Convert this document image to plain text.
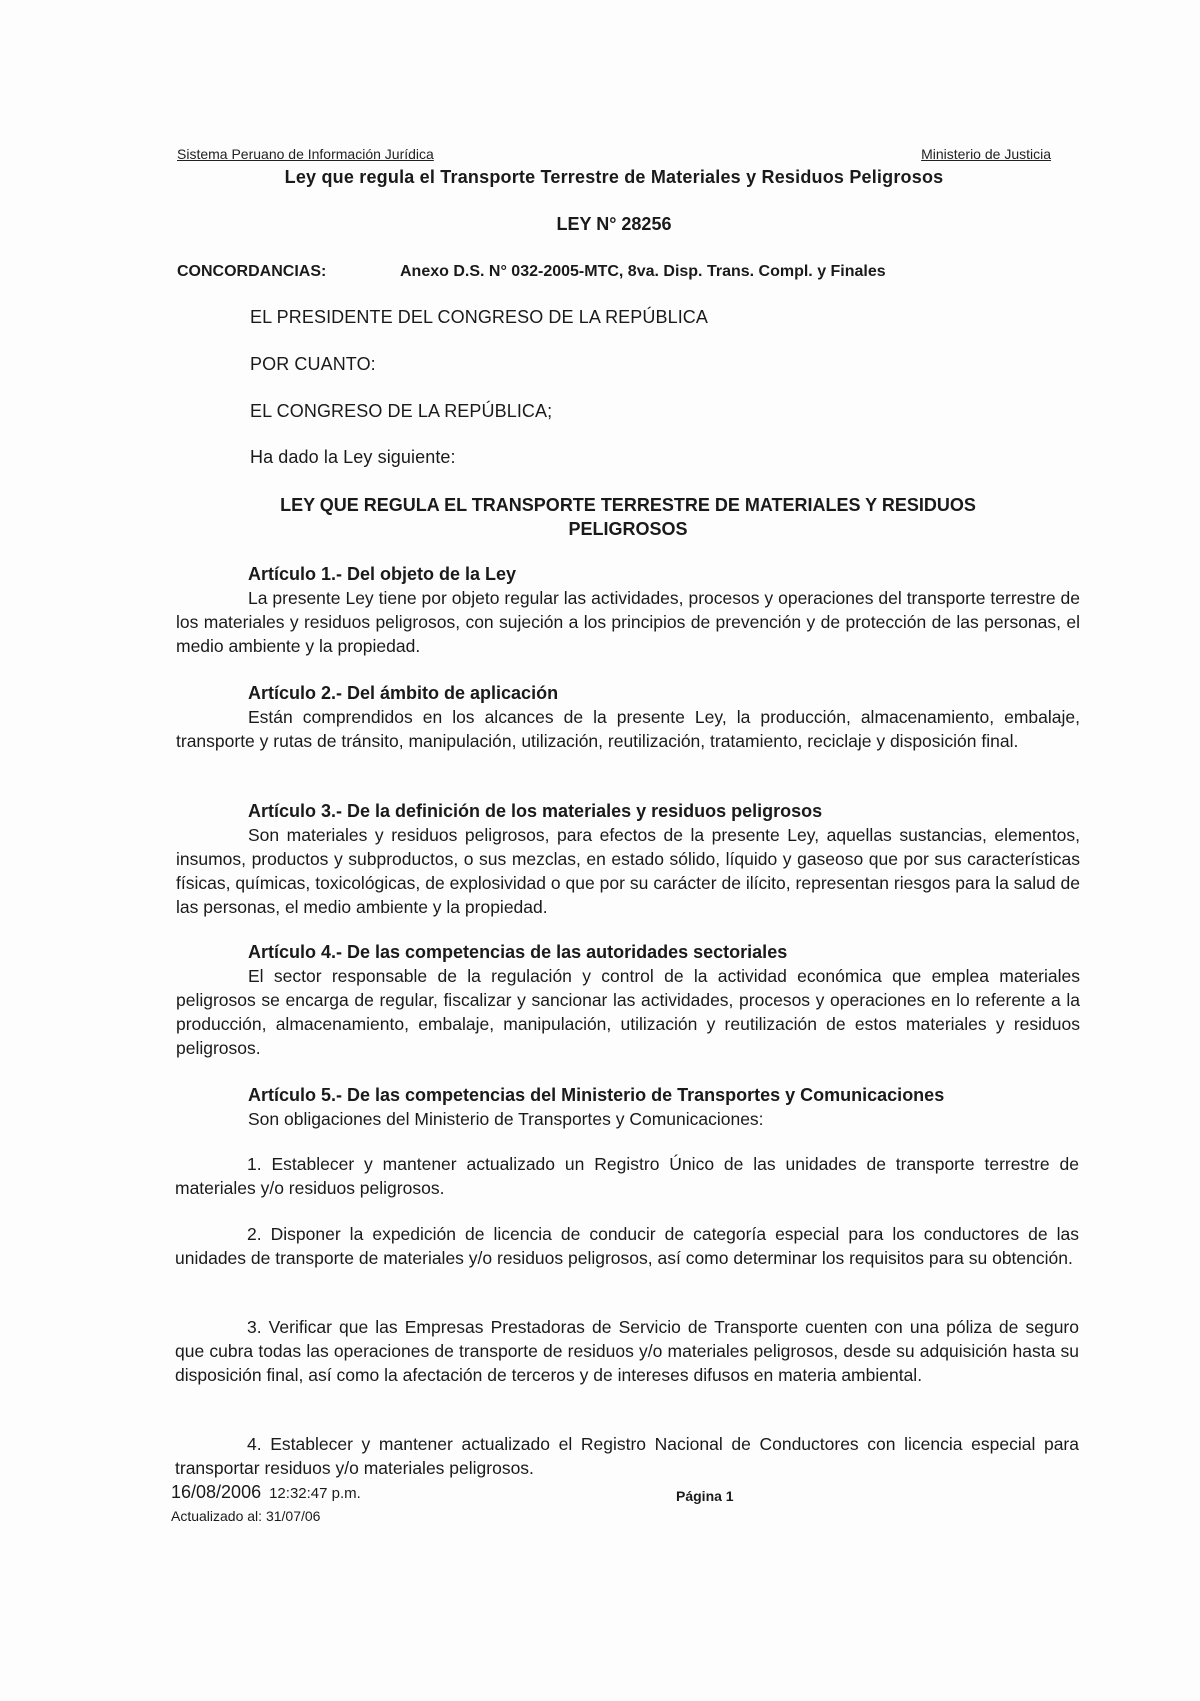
Sistema Peruano de Información Jurídica	Ministerio de Justicia
Ley que regula el Transporte Terrestre de Materiales y Residuos Peligrosos
LEY N° 28256
CONCORDANCIAS:	Anexo D.S. N° 032-2005-MTC, 8va. Disp. Trans. Compl. y Finales
EL PRESIDENTE DEL CONGRESO DE LA REPÚBLICA
POR CUANTO:
EL CONGRESO DE LA REPÚBLICA;
Ha dado la Ley siguiente:
LEY QUE REGULA EL TRANSPORTE TERRESTRE DE MATERIALES Y RESIDUOS PELIGROSOS
Artículo 1.- Del objeto de la Ley

La presente Ley tiene por objeto regular las actividades, procesos y operaciones del transporte terrestre de los materiales y residuos peligrosos, con sujeción a los principios de prevención y de protección de las personas, el medio ambiente y la propiedad.

Artículo 2.- Del ámbito de aplicación

Están comprendidos en los alcances de la presente Ley, la producción, almacenamiento, embalaje, transporte y rutas de tránsito, manipulación, utilización, reutilización, tratamiento, reciclaje y disposición final.

Artículo 3.- De la definición de los materiales y residuos peligrosos

Son materiales y residuos peligrosos, para efectos de la presente Ley, aquellas sustancias, elementos, insumos, productos y subproductos, o sus mezclas, en estado sólido, líquido y gaseoso que por sus características físicas, químicas, toxicológicas, de explosividad o que por su carácter de ilícito, representan riesgos para la salud de las personas, el medio ambiente y la propiedad.

Artículo 4.- De las competencias de las autoridades sectoriales

El sector responsable de la regulación y control de la actividad económica que emplea materiales peligrosos se encarga de regular, fiscalizar y sancionar las actividades, procesos y operaciones en lo referente a la producción, almacenamiento, embalaje, manipulación, utilización y reutilización de estos materiales y residuos peligrosos.

Artículo 5.- De las competencias del Ministerio de Transportes y Comunicaciones

Son obligaciones del Ministerio de Transportes y Comunicaciones:

1. Establecer y mantener actualizado un Registro Único de las unidades de transporte terrestre de materiales y/o residuos peligrosos.

2. Disponer la expedición de licencia de conducir de categoría especial para los conductores de las unidades de transporte de materiales y/o residuos peligrosos, así como determinar los requisitos para su obtención.

3. Verificar que las Empresas Prestadoras de Servicio de Transporte cuenten con una póliza de seguro que cubra todas las operaciones de transporte de residuos y/o materiales peligrosos, desde su adquisición hasta su disposición final, así como la afectación de terceros y de intereses difusos en materia ambiental.

4. Establecer y mantener actualizado el Registro Nacional de Conductores con licencia especial para transportar residuos y/o materiales peligrosos.

16/08/2006 12:32:47 p.m.
Actualizado al: 31/07/06
Página 1
